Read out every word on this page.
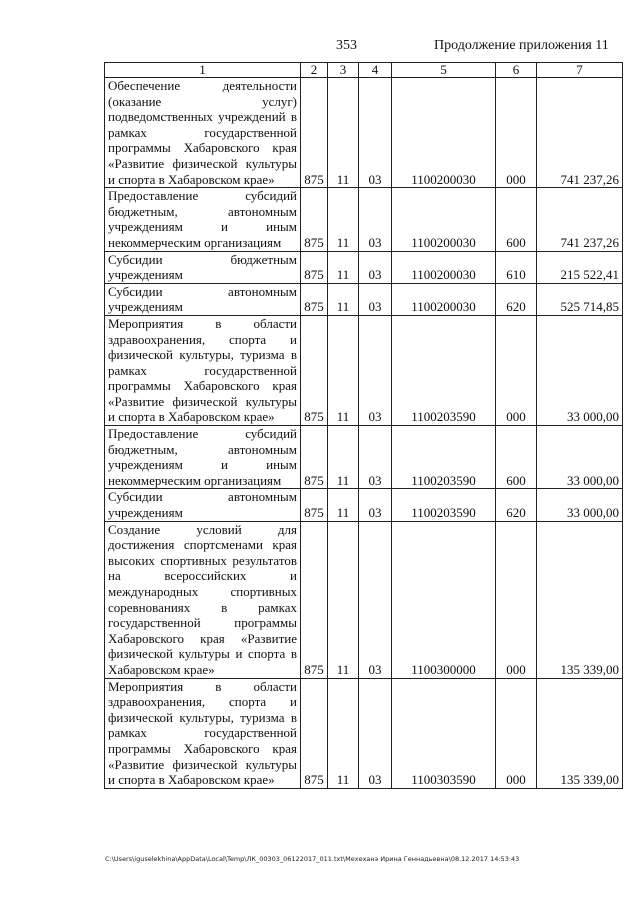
353	Продолжение приложения 11
1	2	3	4	5	6	7
Обеспечение деятельности (оказание услуг) подведомственных учреждений в рамках государственной программы Хабаровского края «Развитие физической культуры и спорта в Хабаровском крае»	875	11	03	1100200030	000	741 237,26
Предоставление субсидий бюджетным, автономным учреждениям и иным некоммерческим организациям	875	11	03	1100200030	600	741 237,26
Субсидии бюджетным учреждениям	875	11	03	1100200030	610	215 522,41
Субсидии автономным учреждениям	875	11	03	1100200030	620	525 714,85
Мероприятия в области здравоохранения, спорта и физической культуры, туризма в рамках государственной программы Хабаровского края «Развитие физической культуры и спорта в Хабаровском крае»	875	11	03	1100203590	000	33 000,00
Предоставление субсидий бюджетным, автономным учреждениям и иным некоммерческим организациям	875	11	03	1100203590	600	33 000,00
Субсидии автономным учреждениям	875	11	03	1100203590	620	33 000,00
Создание условий для достижения спортсменами края высоких спортивных результатов на всероссийских и международных спортивных соревнованиях в рамках государственной программы Хабаровского края «Развитие физической культуры и спорта в Хабаровском крае»	875	11	03	1100300000	000	135 339,00
Мероприятия в области здравоохранения, спорта и физической культуры, туризма в рамках государственной программы Хабаровского края «Развитие физической культуры и спорта в Хабаровском крае»	875	11	03	1100303590	000	135 339,00
C:\Users\iguselekhina\AppData\Local\Temp\ЛК_00303_06122017_011.txt\Мехеханэ Ирина Геннадьевна\08.12.2017 14:53:43
